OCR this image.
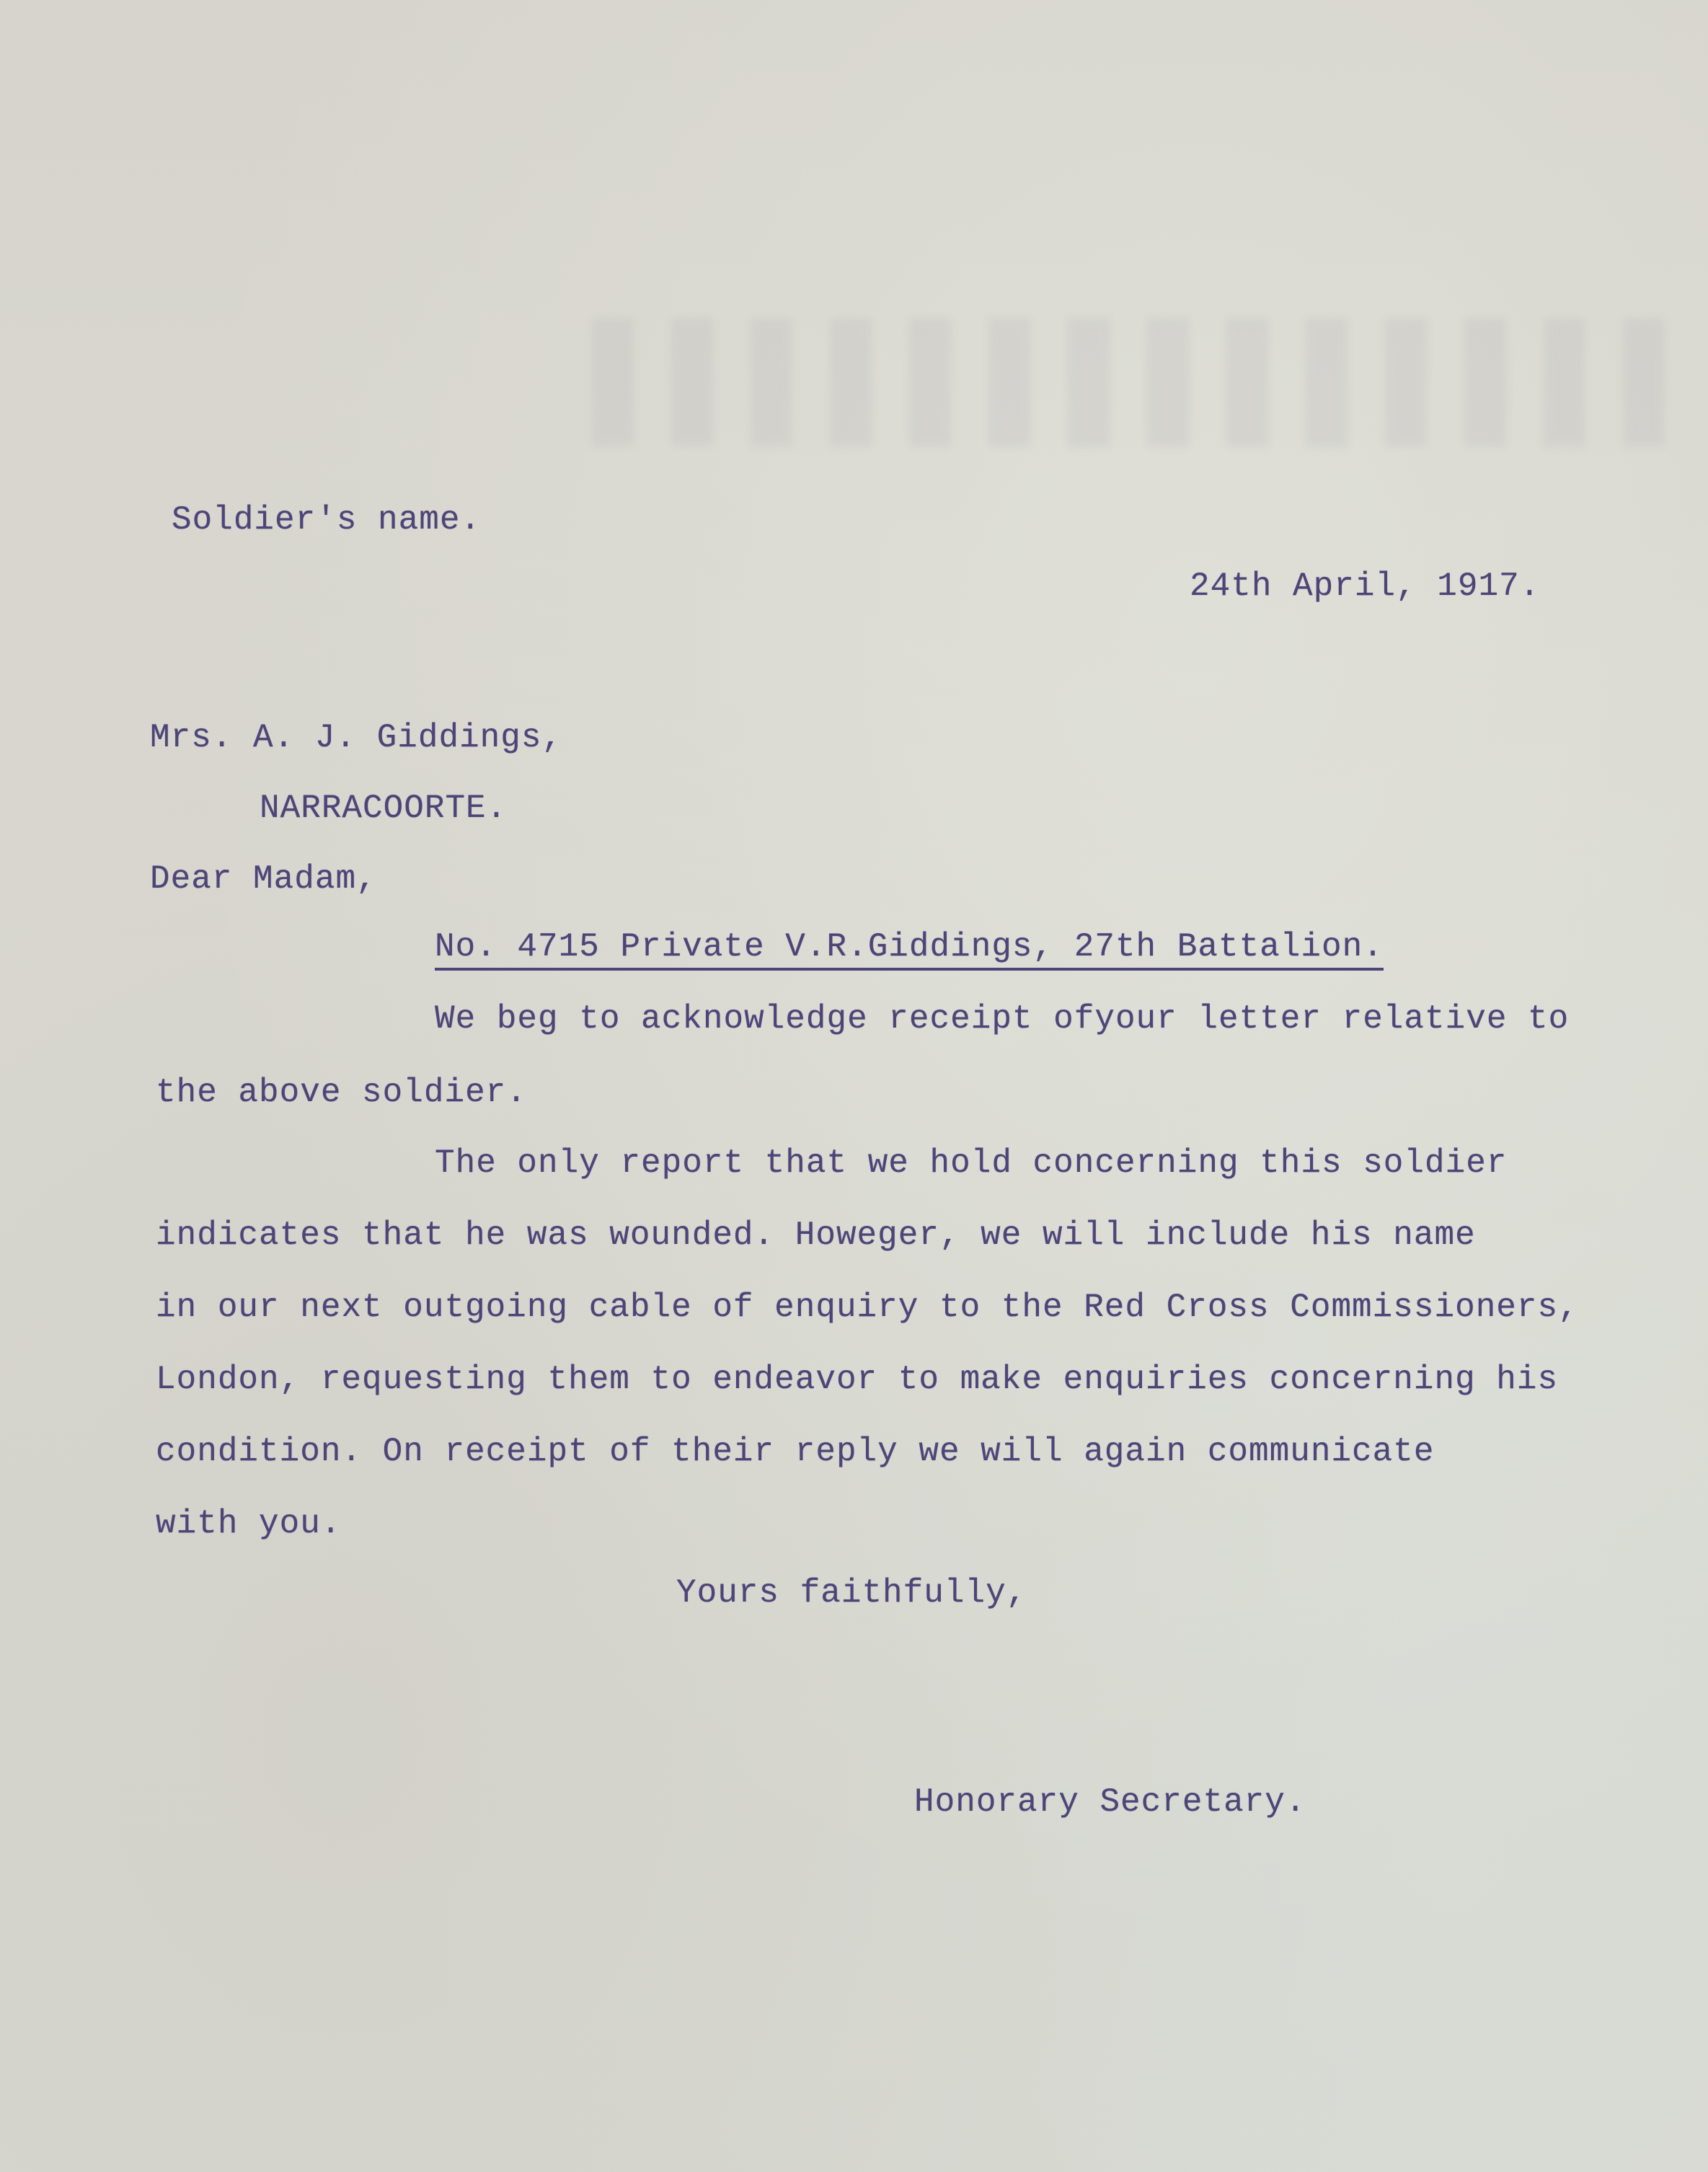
Soldier's name.
24th April, 1917.
Mrs. A. J. Giddings,
NARRACOORTE.
Dear Madam,
No. 4715 Private V.R.Giddings, 27th Battalion.
We beg to acknowledge receipt ofyour letter relative to
the above soldier.
The only report that we hold concerning this soldier
indicates that he was wounded. Howeger, we will include his name
in our next outgoing cable of enquiry to the Red Cross Commissioners,
London, requesting them to endeavor to make enquiries concerning his
condition. On receipt of their reply we will again communicate
with you.
Yours faithfully,
Honorary Secretary.
